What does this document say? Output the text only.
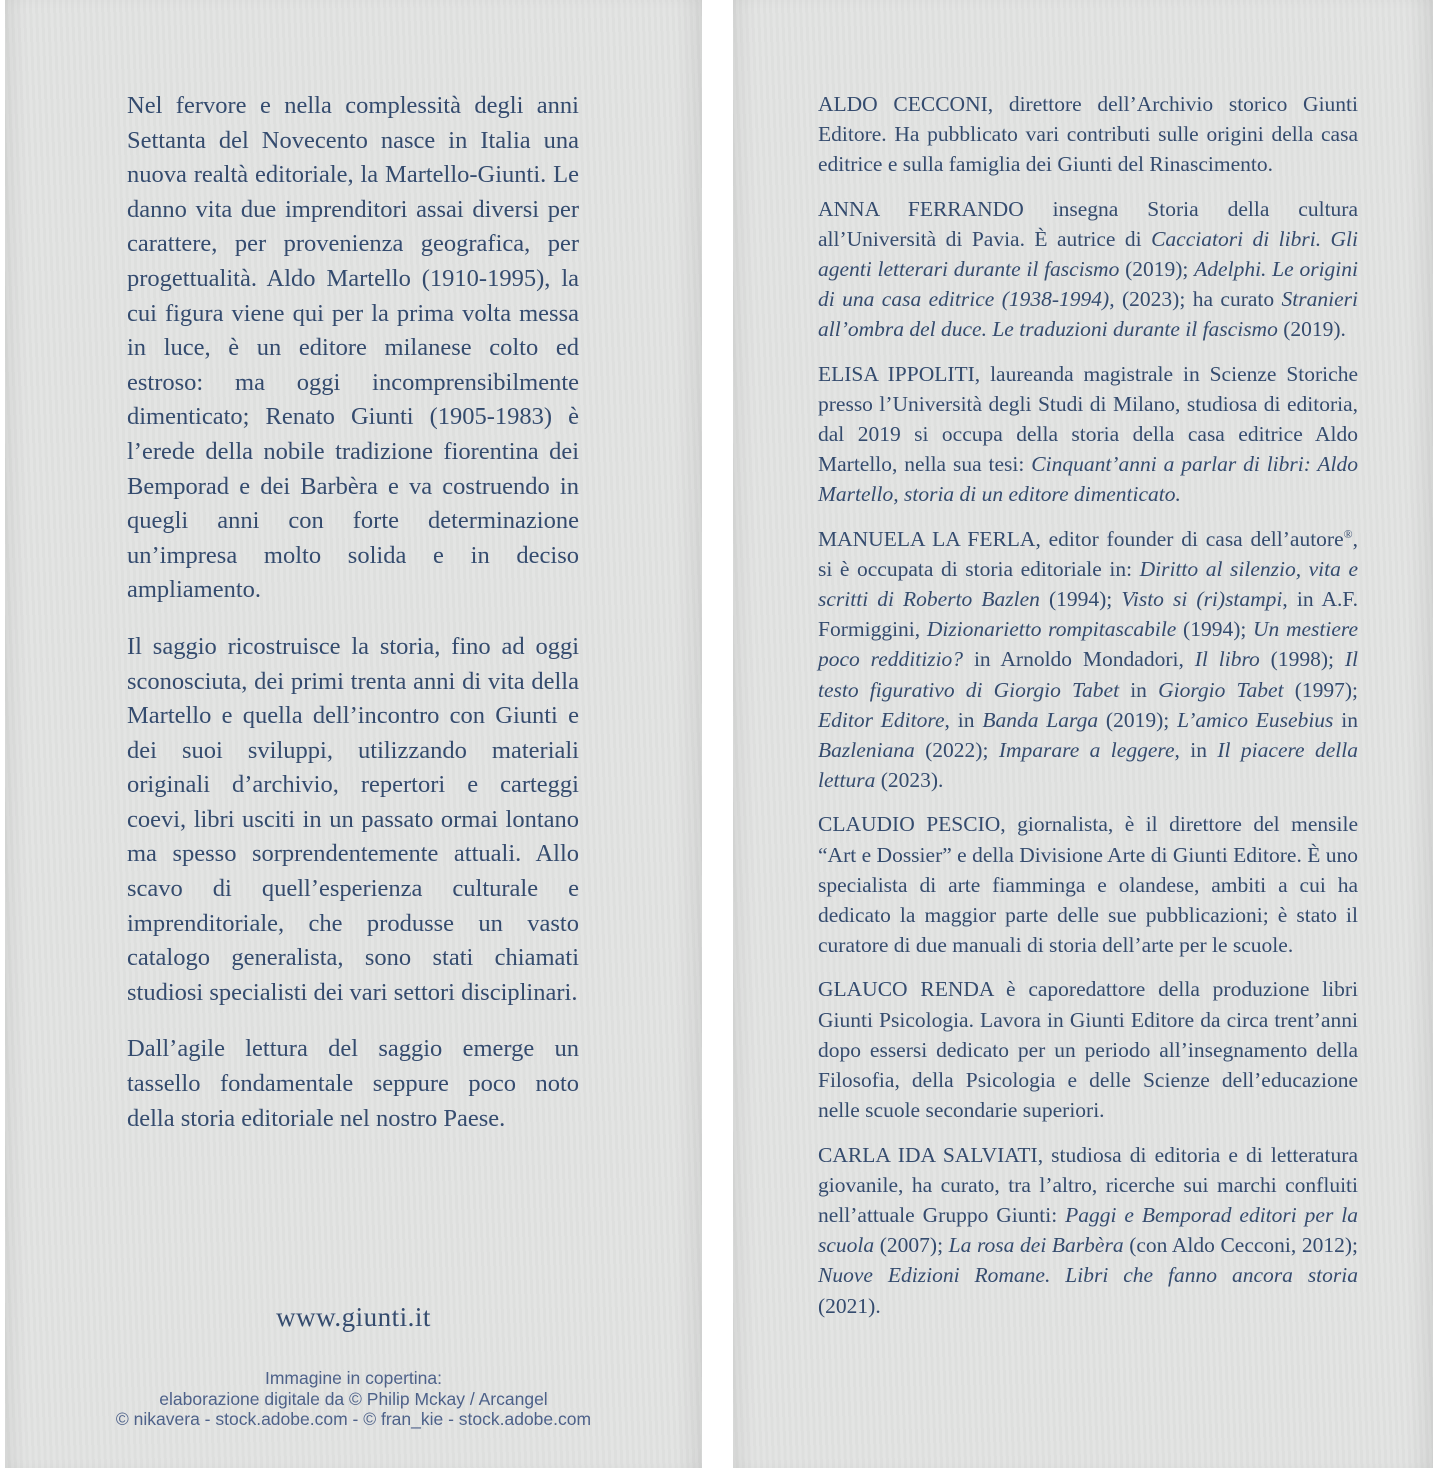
Nel fervore e nella complessità degli anni Settanta del Novecento nasce in Italia una nuova realtà editoriale, la Martello-Giunti. Le danno vita due imprenditori assai diversi per carattere, per provenienza geografica, per progettualità. Aldo Martello (1910-1995), la cui figura viene qui per la prima volta messa in luce, è un editore milanese colto ed estroso: ma oggi incomprensibilmente dimenticato; Renato Giunti (1905-1983) è l’erede della nobile tradizione fiorentina dei Bemporad e dei Barbèra e va costruendo in quegli anni con forte determinazione un’impresa molto solida e in deciso ampliamento.

Il saggio ricostruisce la storia, fino ad oggi sconosciuta, dei primi trenta anni di vita della Martello e quella dell’incontro con Giunti e dei suoi sviluppi, utilizzando materiali originali d’archivio, repertori e carteggi coevi, libri usciti in un passato ormai lontano ma spesso sorprendentemente attuali. Allo scavo di quell’esperienza culturale e imprenditoriale, che produsse un vasto catalogo generalista, sono stati chiamati studiosi specialisti dei vari settori disciplinari.

Dall’agile lettura del saggio emerge un tassello fondamentale seppure poco noto della storia editoriale nel nostro Paese.

www.giunti.it
Immagine in copertina:
elaborazione digitale da © Philip Mckay / Arcangel
© nikavera - stock.adobe.com - © fran_kie - stock.adobe.com

ALDO CECCONI, direttore dell’Archivio storico Giunti Editore. Ha pubblicato vari contributi sulle origini della casa editrice e sulla famiglia dei Giunti del Rinascimento.

ANNA FERRANDO insegna Storia della cultura all’Università di Pavia. È autrice di Cacciatori di libri. Gli agenti letterari durante il fascismo (2019); Adelphi. Le origini di una casa editrice (1938-1994), (2023); ha curato Stranieri all’ombra del duce. Le traduzioni durante il fascismo (2019).

ELISA IPPOLITI, laureanda magistrale in Scienze Storiche presso l’Università degli Studi di Milano, studiosa di editoria, dal 2019 si occupa della storia della casa editrice Aldo Martello, nella sua tesi: Cinquant’anni a parlar di libri: Aldo Martello, storia di un editore dimenticato.

MANUELA LA FERLA, editor founder di casa dell’autore®, si è occupata di storia editoriale in: Diritto al silenzio, vita e scritti di Roberto Bazlen (1994); Visto si (ri)stampi, in A.F. Formiggini, Dizionarietto rompitascabile (1994); Un mestiere poco redditizio? in Arnoldo Mondadori, Il libro (1998); Il testo figurativo di Giorgio Tabet in Giorgio Tabet (1997); Editor Editore, in Banda Larga (2019); L’amico Eusebius in Bazleniana (2022); Imparare a leggere, in Il piacere della lettura (2023).

CLAUDIO PESCIO, giornalista, è il direttore del mensile “Art e Dossier” e della Divisione Arte di Giunti Editore. È uno specialista di arte fiamminga e olandese, ambiti a cui ha dedicato la maggior parte delle sue pubblicazioni; è stato il curatore di due manuali di storia dell’arte per le scuole.

GLAUCO RENDA è caporedattore della produzione libri Giunti Psicologia. Lavora in Giunti Editore da circa trent’anni dopo essersi dedicato per un periodo all’insegnamento della Filosofia, della Psicologia e delle Scienze dell’educazione nelle scuole secondarie superiori.

CARLA IDA SALVIATI, studiosa di editoria e di letteratura giovanile, ha curato, tra l’altro, ricerche sui marchi confluiti nell’attuale Gruppo Giunti: Paggi e Bemporad editori per la scuola (2007); La rosa dei Barbèra (con Aldo Cecconi, 2012); Nuove Edizioni Romane. Libri che fanno ancora storia (2021).
